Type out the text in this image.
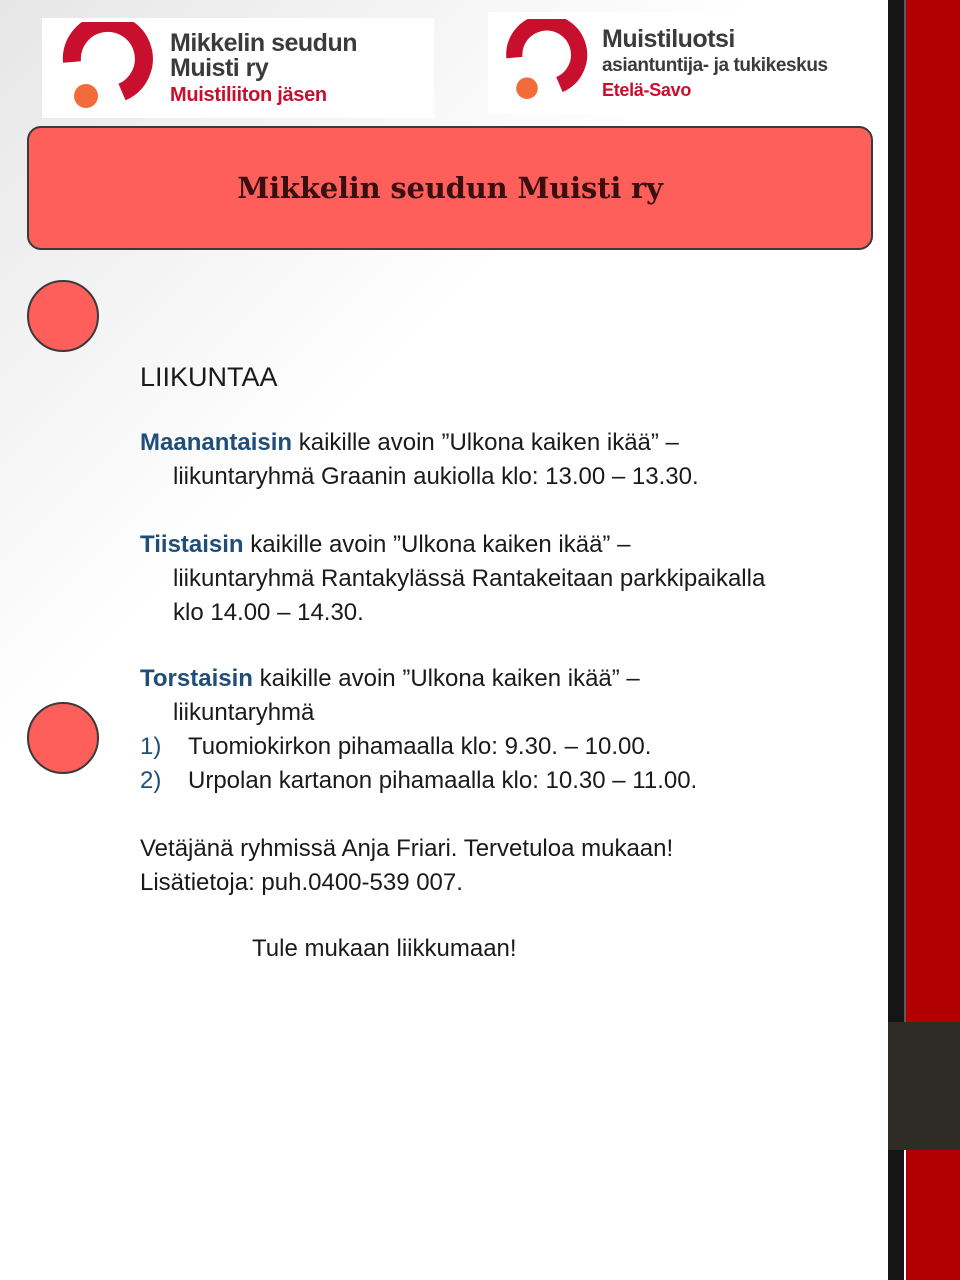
Mikkelin seudun
Muisti ry
Muistiliiton jäsen
Muistiluotsi
asiantuntija- ja tukikeskus
Etelä-Savo
Mikkelin seudun Muisti ry
LIIKUNTAA

Maanantaisin kaikille avoin ”Ulkona kaiken ikää” –
liikuntaryhmä Graanin aukiolla klo: 13.00 – 13.30.

Tiistaisin kaikille avoin ”Ulkona kaiken ikää” –
liikuntaryhmä Rantakylässä Rantakeitaan parkkipaikalla
klo 14.00 – 14.30.

Torstaisin kaikille avoin ”Ulkona kaiken ikää” –
liikuntaryhmä

1)	Tuomiokirkon pihamaalla klo: 9.30. – 10.00.
2)	Urpolan kartanon pihamaalla klo: 10.30 – 11.00.
Vetäjänä ryhmissä Anja Friari. Tervetuloa mukaan!
Lisätietoja: puh.0400-539 007.
Tule mukaan liikkumaan!
